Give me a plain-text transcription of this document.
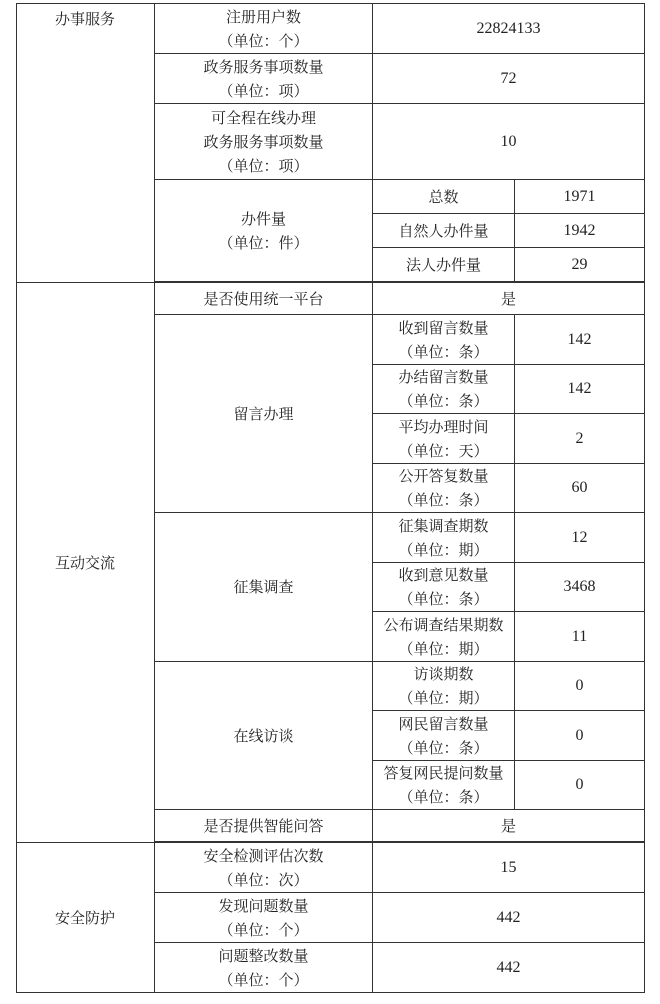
办事服务	注册用户数
（单位：个）	22824133	

	政务服务事项数量
（单位：项）	72	

	可全程在线办理
政务服务事项数量
（单位：项）	10	

	办件量
（单位：件）	总数	1971
		自然人办件量	1942
		法人办件量	29

互动交流	是否使用统一平台	是	
	留言办理	收到留言数量
（单位：条）	142

		办结留言数量
（单位：条）	142

		平均办理时间
（单位：天）	2

		公开答复数量
（单位：条）	60
	征集调查	征集调查期数
（单位：期）	12

		收到意见数量
（单位：条）	3468

		公布调查结果期数
（单位：期）	11
	在线访谈	访谈期数
（单位：期）	0

		网民留言数量
（单位：条）	0

		答复网民提问数量
（单位：条）	0
	是否提供智能问答	是	

安全防护	安全检测评估次数
（单位：次）	15	

	发现问题数量
（单位：个）	442	

	问题整改数量
（单位：个）	442	
